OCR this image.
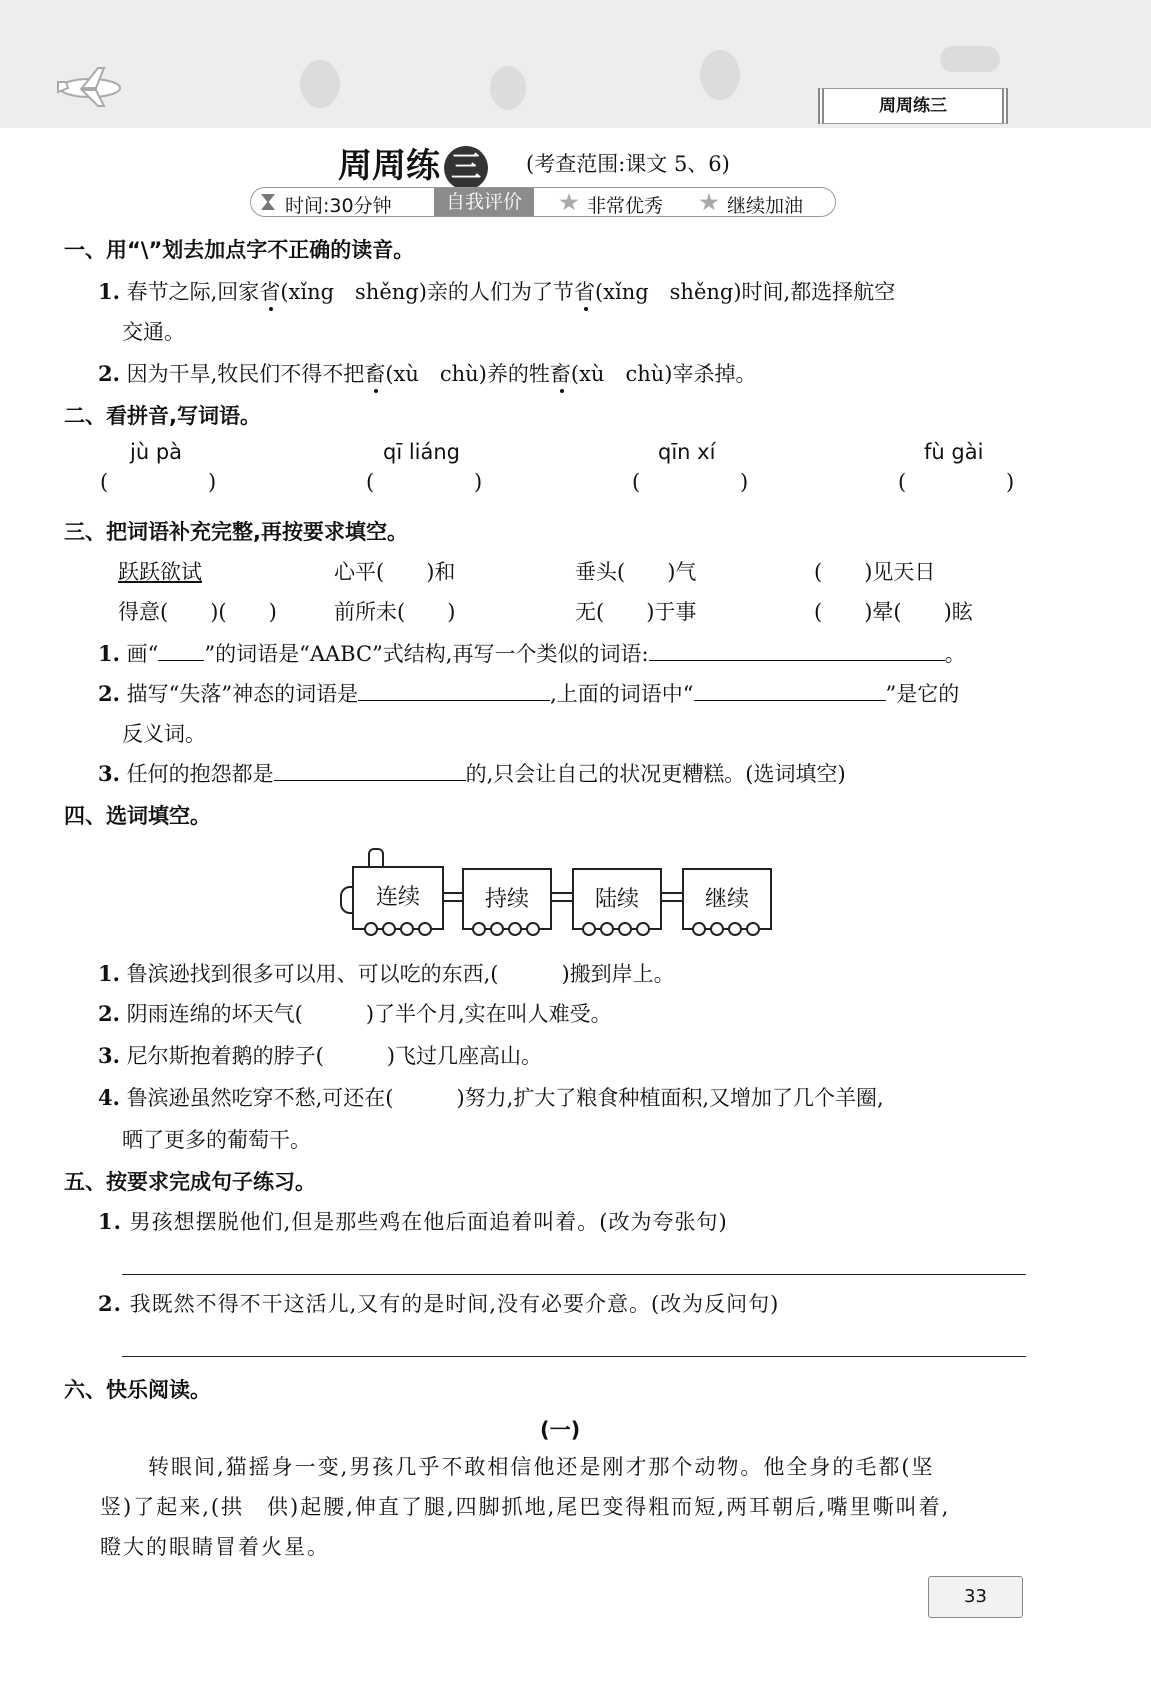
周周练三
周周练 三	(考查范围:课文 5、6)
时间:30分钟	自我评价	非常优秀	继续加油
一、用“\”划去加点字不正确的读音。
1. 春节之际,回家省(xǐng　shěng)亲的人们为了节省(xǐng　shěng)时间,都选择航空
交通。
2. 因为干旱,牧民们不得不把畜(xù　chù)养的牲畜(xù　chù)宰杀掉。
二、看拼音,写词语。
jù pà	qī liáng	qīn xí	fù gài
(	)	(	)	(	)	(	)
三、把词语补充完整,再按要求填空。
跃跃欲试	心平(　　)和	垂头(　　)气	(　　)见天日
得意(　　)(　　)	前所未(　　)	无(　　)于事	(　　)晕(　　)眩
1. 画“ ”的词语是“AABC”式结构,再写一个类似的词语:	。
2. 描写“失落”神态的词语是	,上面的词语中“	”是它的
反义词。
3. 任何的抱怨都是	的,只会让自己的状况更糟糕。(选词填空)
四、选词填空。
连续	持续	陆续	继续
1. 鲁滨逊找到很多可以用、可以吃的东西,(　　　)搬到岸上。
2. 阴雨连绵的坏天气(　　　)了半个月,实在叫人难受。
3. 尼尔斯抱着鹅的脖子(　　　)飞过几座高山。
4. 鲁滨逊虽然吃穿不愁,可还在(　　　)努力,扩大了粮食种植面积,又增加了几个羊圈,
晒了更多的葡萄干。
五、按要求完成句子练习。
1. 男孩想摆脱他们,但是那些鸡在他后面追着叫着。(改为夸张句)
2. 我既然不得不干这活儿,又有的是时间,没有必要介意。(改为反问句)
六、快乐阅读。
(一)
转眼间,猫摇身一变,男孩几乎不敢相信他还是刚才那个动物。他全身的毛都(坚
竖)了起来,(拱　供)起腰,伸直了腿,四脚抓地,尾巴变得粗而短,两耳朝后,嘴里嘶叫着,
瞪大的眼睛冒着火星。
33
